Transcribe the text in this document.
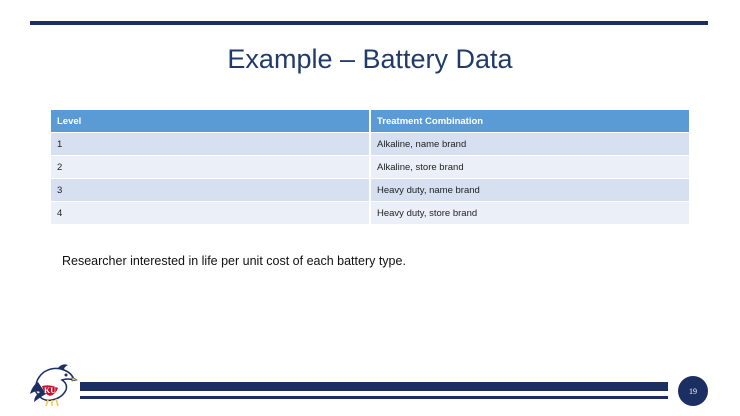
Example – Battery Data
Level	Treatment Combination
1	Alkaline, name brand
2	Alkaline, store brand
3	Heavy duty, name brand
4	Heavy duty, store brand
Researcher interested in life per unit cost of each battery type.
KU	19
